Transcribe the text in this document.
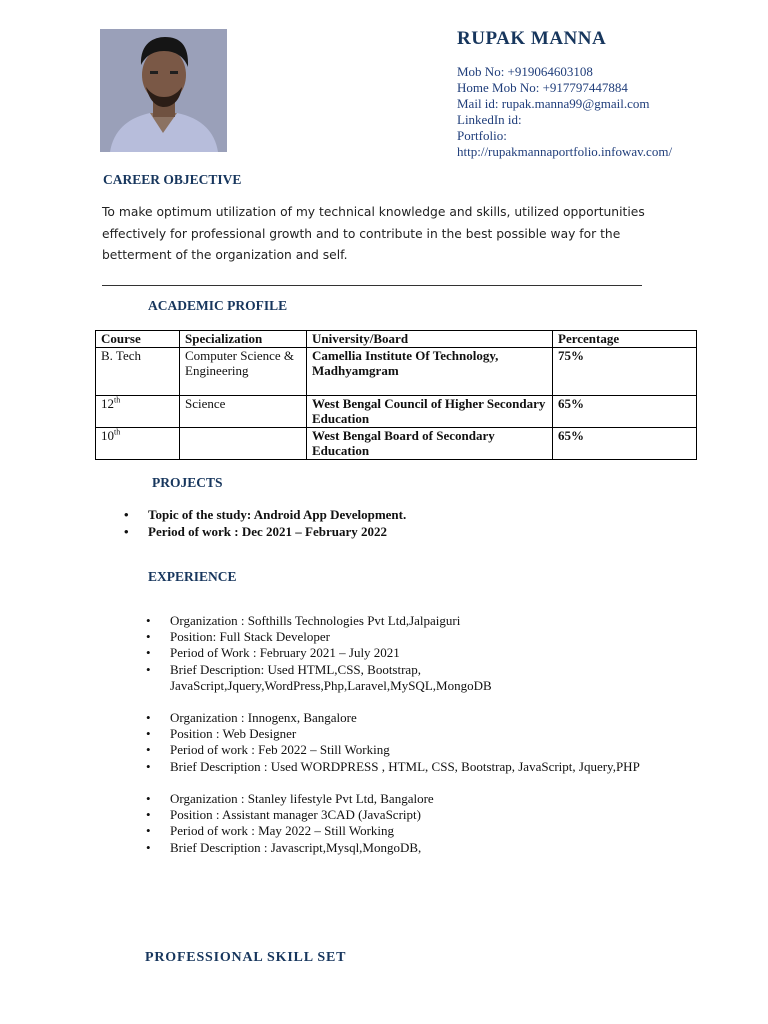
RUPAK MANNA
Mob No: +919064603108
Home Mob No: +917797447884
Mail id: rupak.manna99@gmail.com
LinkedIn id:
Portfolio:
http://rupakmannaportfolio.infowav.com/
CAREER OBJECTIVE
To make optimum utilization of my technical knowledge and skills, utilized opportunities effectively for professional growth and to contribute in the best possible way for the betterment of the organization and self.
ACADEMIC PROFILE
Course	Specialization	University/Board	Percentage
B. Tech	Computer Science & Engineering	Camellia Institute Of Technology, Madhyamgram	75%
12th	Science	West Bengal Council of Higher Secondary Education	65%
10th		West Bengal Board of Secondary Education	65%
PROJECTS
• Topic of the study: Android App Development.
• Period of work : Dec 2021 – February 2022
EXPERIENCE
• Organization : Softhills Technologies Pvt Ltd,Jalpaiguri
• Position: Full Stack Developer
• Period of Work : February 2021 – July 2021
• Brief Description: Used HTML,CSS, Bootstrap,
JavaScript,Jquery,WordPress,Php,Laravel,MySQL,MongoDB
• Organization : Innogenx, Bangalore
• Position : Web Designer
• Period of work : Feb 2022 – Still Working
• Brief Description : Used WORDPRESS , HTML, CSS, Bootstrap, JavaScript, Jquery,PHP
• Organization : Stanley lifestyle Pvt Ltd, Bangalore
• Position : Assistant manager 3CAD (JavaScript)
• Period of work : May 2022 – Still Working
• Brief Description : Javascript,Mysql,MongoDB,
PROFESSIONAL SKILL SET
